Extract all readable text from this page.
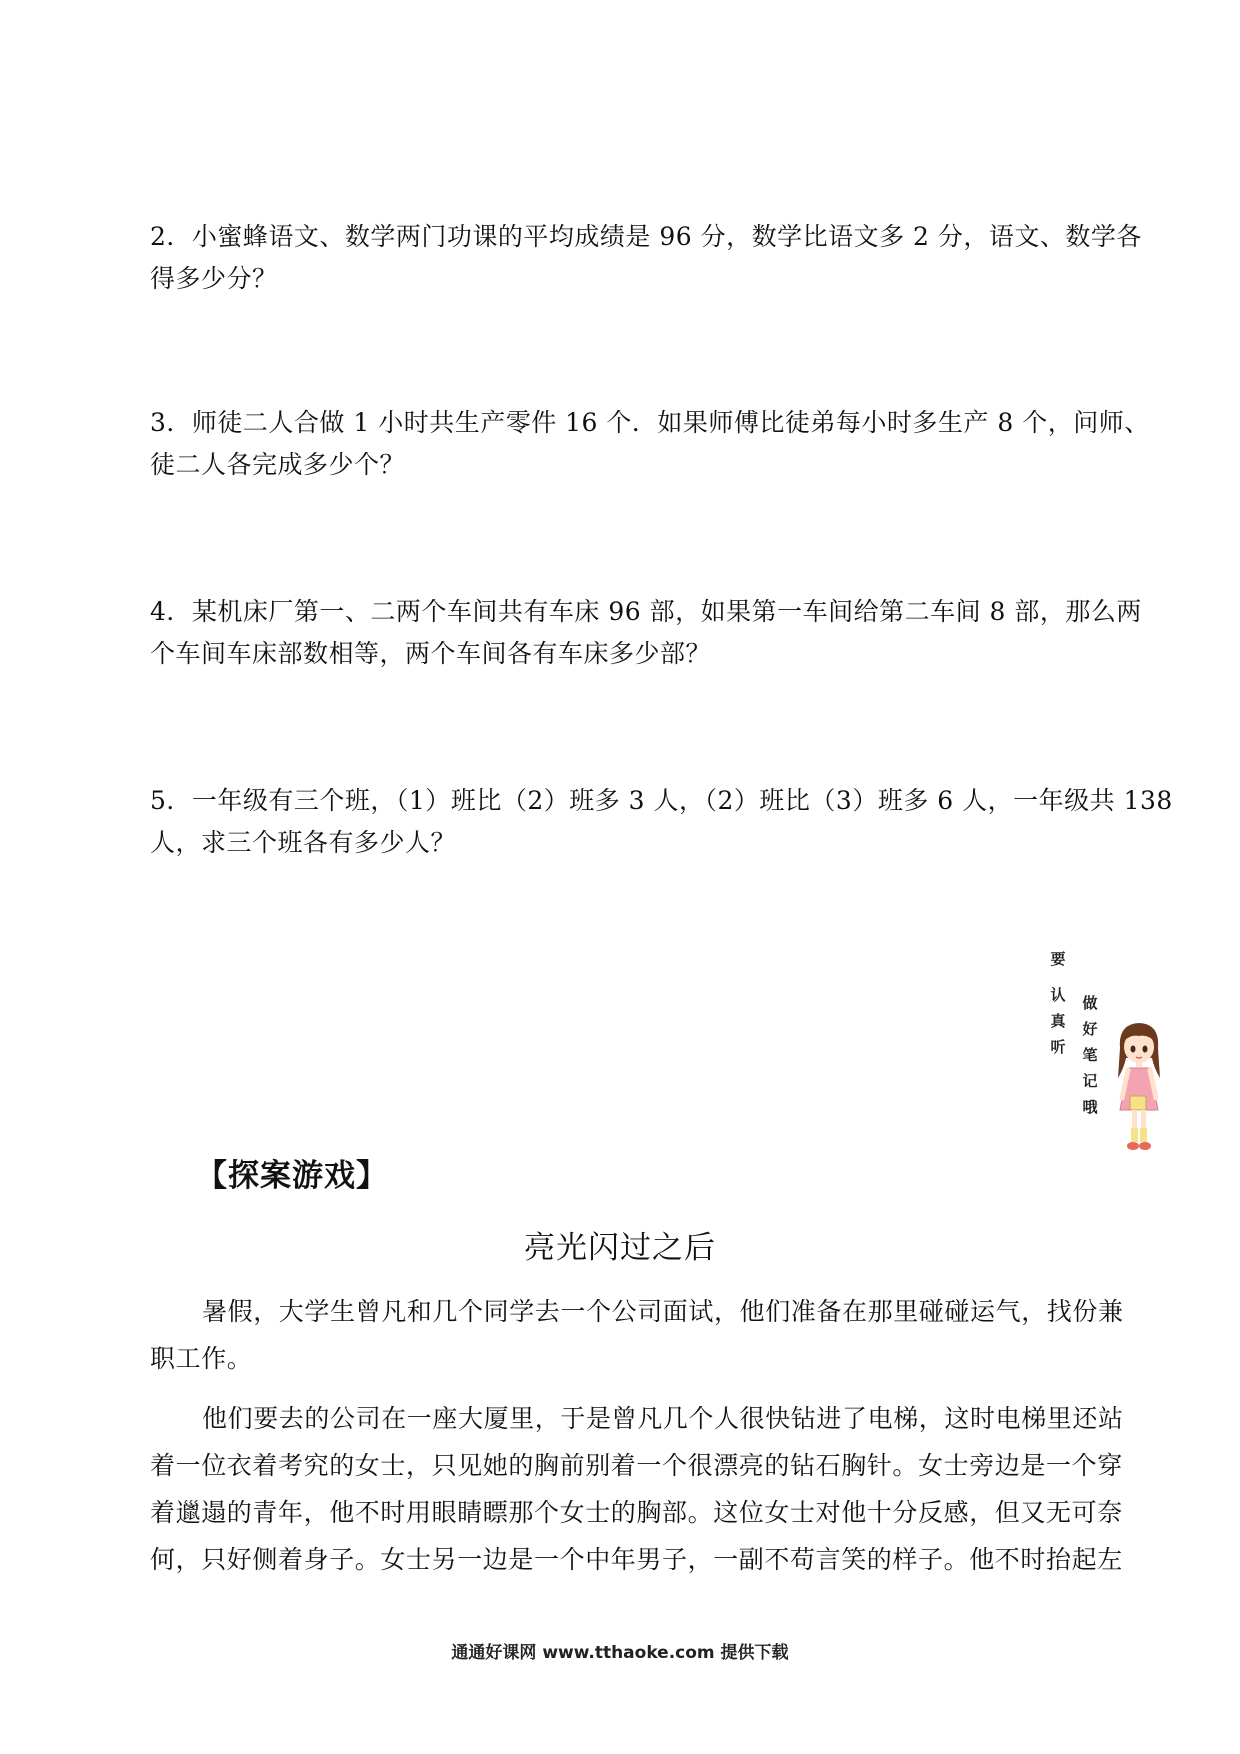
2．小蜜蜂语文、数学两门功课的平均成绩是 96 分，数学比语文多 2 分，语文、数学各
得多少分？
3．师徒二人合做 1 小时共生产零件 16 个．如果师傅比徒弟每小时多生产 8 个，问师、
徒二人各完成多少个？
4．某机床厂第一、二两个车间共有车床 96 部，如果第一车间给第二车间 8 部，那么两
个车间车床部数相等，两个车间各有车床多少部？
5．一年级有三个班，（1）班比（2）班多 3 人，（2）班比（3）班多 6 人，一年级共 138
人，求三个班各有多少人？
要
认
真
听
做
好
笔
记
哦
【探案游戏】
亮光闪过之后
暑假，大学生曾凡和几个同学去一个公司面试，他们准备在那里碰碰运气，找份兼
职工作。
他们要去的公司在一座大厦里，于是曾凡几个人很快钻进了电梯，这时电梯里还站
着一位衣着考究的女士，只见她的胸前别着一个很漂亮的钻石胸针。女士旁边是一个穿
着邋遢的青年，他不时用眼睛瞟那个女士的胸部。这位女士对他十分反感，但又无可奈
何，只好侧着身子。女士另一边是一个中年男子，一副不苟言笑的样子。他不时抬起左
通通好课网 www.tthaoke.com 提供下载
